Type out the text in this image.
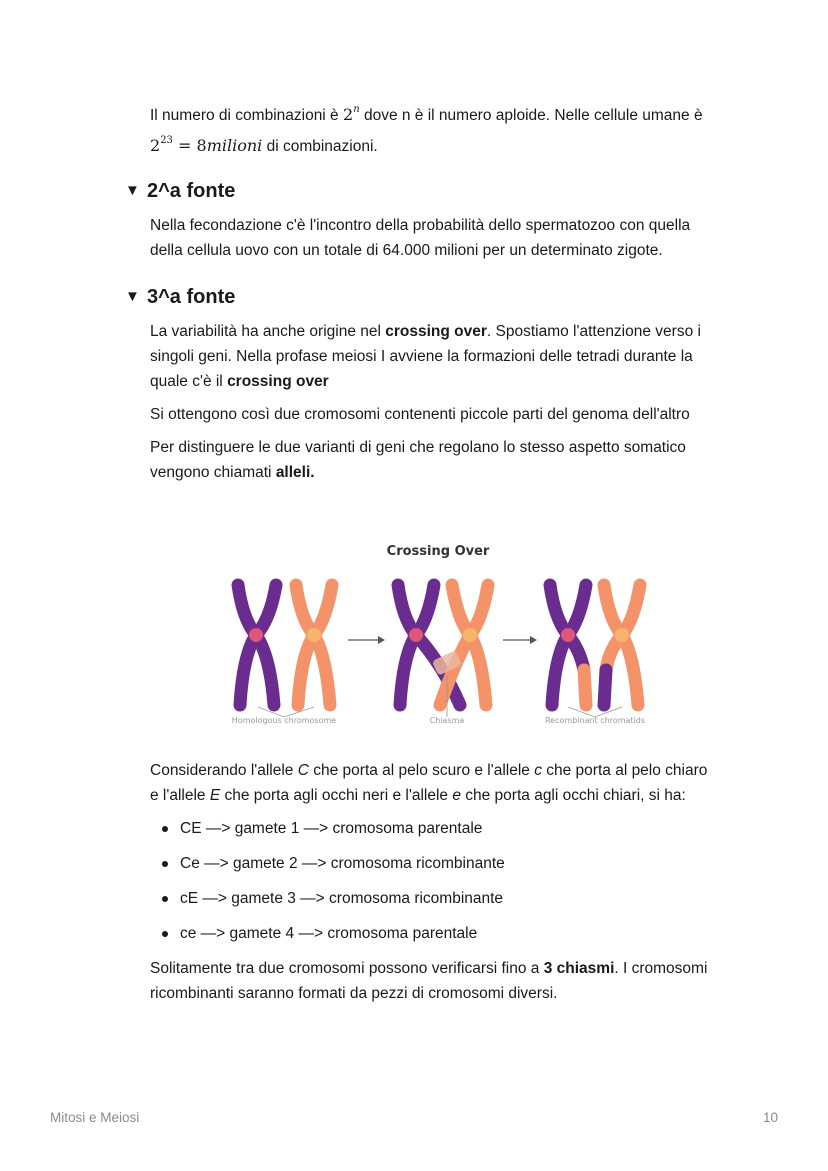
Il numero di combinazioni è 2$^n$ dove n è il numero aploide. Nelle cellule umane è $2^{23}$ = 8milioni di combinazioni.

▼ 2^a fonte

Nella fecondazione c'è l'incontro della probabilità dello spermatozoo con quella della cellula uovo con un totale di 64.000 milioni per un determinato zigote.

▼ 3^a fonte

La variabilità ha anche origine nel crossing over. Spostiamo l'attenzione verso i singoli geni. Nella profase meiosi I avviene la formazioni delle tetradi durante la quale c'è il crossing over

Si ottengono così due cromosomi contenenti piccole parti del genoma dell'altro

Per distinguere le due varianti di geni che regolano lo stesso aspetto somatico vengono chiamati alleli.

Crossing Over
Homologous chromosome	Chiasma	Recombinant chromatids

Considerando l'allele C che porta al pelo scuro e l'allele c che porta al pelo chiaro e l'allele E che porta agli occhi neri e l'allele e che porta agli occhi chiari, si ha:

CE —> gamete 1 —> cromosoma parentale
Ce —> gamete 2 —> cromosoma ricombinante
cE —> gamete 3 —> cromosoma ricombinante
ce —> gamete 4 —> cromosoma parentale

Solitamente tra due cromosomi possono verificarsi fino a 3 chiasmi. I cromosomi ricombinanti saranno formati da pezzi di cromosomi diversi.

Mitosi e Meiosi	10
